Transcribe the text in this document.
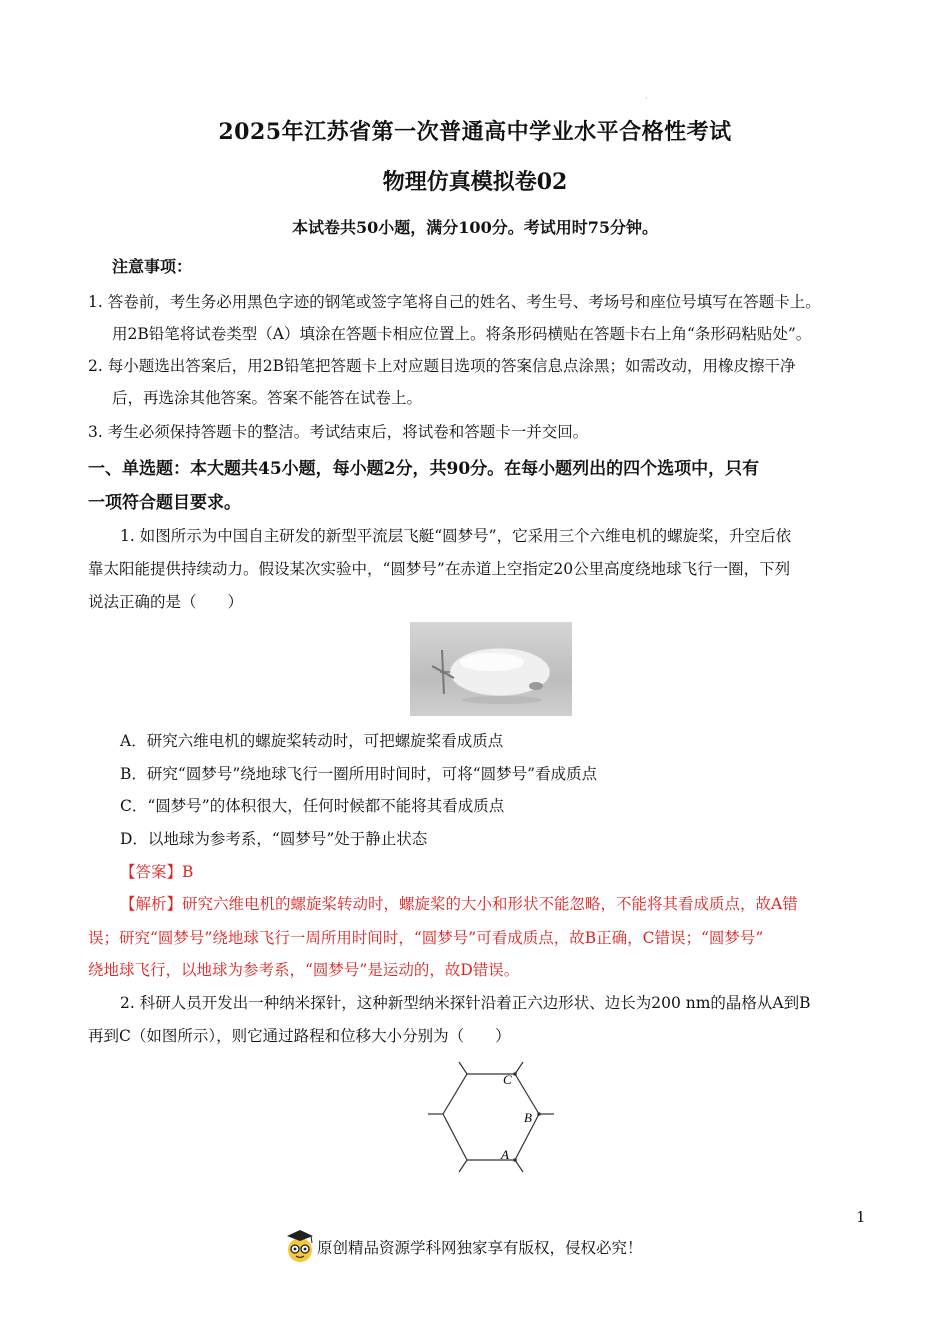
·
2025年江苏省第一次普通高中学业水平合格性考试
物理仿真模拟卷02
本试卷共50小题，满分100分。考试用时75分钟。
注意事项：
1. 答卷前，考生务必用黑色字迹的钢笔或签字笔将自己的姓名、考生号、考场号和座位号填写在答题卡上。
用2B铅笔将试卷类型（A）填涂在答题卡相应位置上。将条形码横贴在答题卡右上角“条形码粘贴处”。
2. 每小题选出答案后，用2B铅笔把答题卡上对应题目选项的答案信息点涂黑；如需改动，用橡皮擦干净
后，再选涂其他答案。答案不能答在试卷上。
3. 考生必须保持答题卡的整洁。考试结束后，将试卷和答题卡一并交回。
一、单选题：本大题共45小题，每小题2分，共90分。在每小题列出的四个选项中，只有
一项符合题目要求。
1. 如图所示为中国自主研发的新型平流层飞艇“圆梦号”，它采用三个六维电机的螺旋桨，升空后依
靠太阳能提供持续动力。假设某次实验中，“圆梦号”在赤道上空指定20公里高度绕地球飞行一圈，下列
说法正确的是（　　）
A．研究六维电机的螺旋桨转动时，可把螺旋桨看成质点
B．研究“圆梦号”绕地球飞行一圈所用时间时，可将“圆梦号”看成质点
C．“圆梦号”的体积很大，任何时候都不能将其看成质点
D．以地球为参考系，“圆梦号”处于静止状态
【答案】B
【解析】研究六维电机的螺旋桨转动时，螺旋桨的大小和形状不能忽略，不能将其看成质点，故A错
误；研究“圆梦号”绕地球飞行一周所用时间时，“圆梦号”可看成质点，故B正确，C错误；“圆梦号”
绕地球飞行，以地球为参考系，“圆梦号”是运动的，故D错误。
2. 科研人员开发出一种纳米探针，这种新型纳米探针沿着正六边形状、边长为200 nm的晶格从A到B
再到C（如图所示），则它通过路程和位移大小分别为（　　）
C
B
A
1
原创精品资源学科网独家享有版权，侵权必究！
